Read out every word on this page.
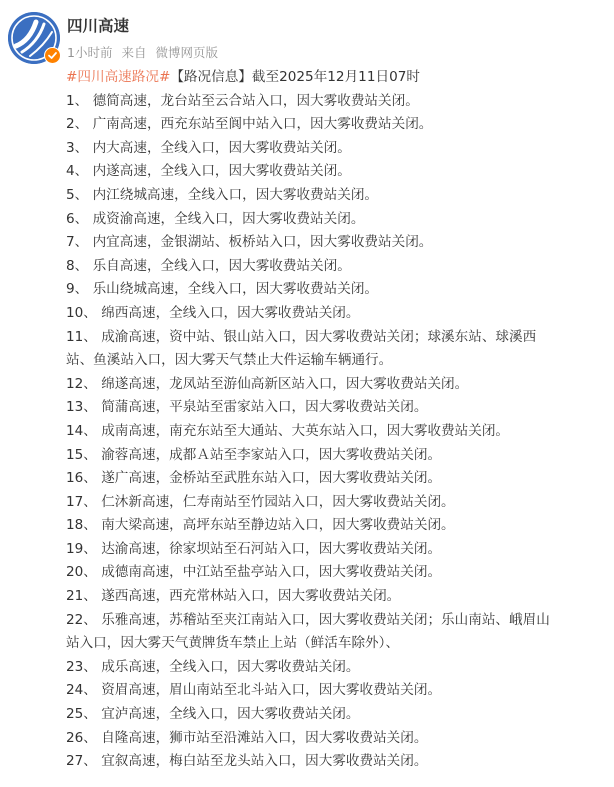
四川高速
1小时前 来自 微博网页版
#四川高速路况#【路况信息】截至2025年12月11日07时
1、 德简高速，龙台站至云合站入口，因大雾收费站关闭。
2、 广南高速，西充东站至阆中站入口，因大雾收费站关闭。
3、 内大高速，全线入口，因大雾收费站关闭。
4、 内遂高速，全线入口，因大雾收费站关闭。
5、 内江绕城高速，全线入口，因大雾收费站关闭。
6、 成资渝高速，全线入口，因大雾收费站关闭。
7、 内宜高速，金银湖站、板桥站入口，因大雾收费站关闭。
8、 乐自高速，全线入口，因大雾收费站关闭。
9、 乐山绕城高速，全线入口，因大雾收费站关闭。
10、 绵西高速，全线入口，因大雾收费站关闭。
11、 成渝高速，资中站、银山站入口，因大雾收费站关闭；球溪东站、球溪西
站、鱼溪站入口，因大雾天气禁止大件运输车辆通行。
12、 绵遂高速，龙凤站至游仙高新区站入口，因大雾收费站关闭。
13、 简蒲高速，平泉站至雷家站入口，因大雾收费站关闭。
14、 成南高速，南充东站至大通站、大英东站入口，因大雾收费站关闭。
15、 渝蓉高速，成都Ａ站至李家站入口，因大雾收费站关闭。
16、 遂广高速，金桥站至武胜东站入口，因大雾收费站关闭。
17、 仁沐新高速，仁寿南站至竹园站入口，因大雾收费站关闭。
18、 南大梁高速，高坪东站至静边站入口，因大雾收费站关闭。
19、 达渝高速，徐家坝站至石河站入口，因大雾收费站关闭。
20、 成德南高速，中江站至盐亭站入口，因大雾收费站关闭。
21、 遂西高速，西充常林站入口，因大雾收费站关闭。
22、 乐雅高速，苏稽站至夹江南站入口，因大雾收费站关闭；乐山南站、峨眉山
站入口，因大雾天气黄牌货车禁止上站（鲜活车除外）、
23、 成乐高速，全线入口，因大雾收费站关闭。
24、 资眉高速，眉山南站至北斗站入口，因大雾收费站关闭。
25、 宜泸高速，全线入口，因大雾收费站关闭。
26、 自隆高速，狮市站至沿滩站入口，因大雾收费站关闭。
27、 宜叙高速，梅白站至龙头站入口，因大雾收费站关闭。
